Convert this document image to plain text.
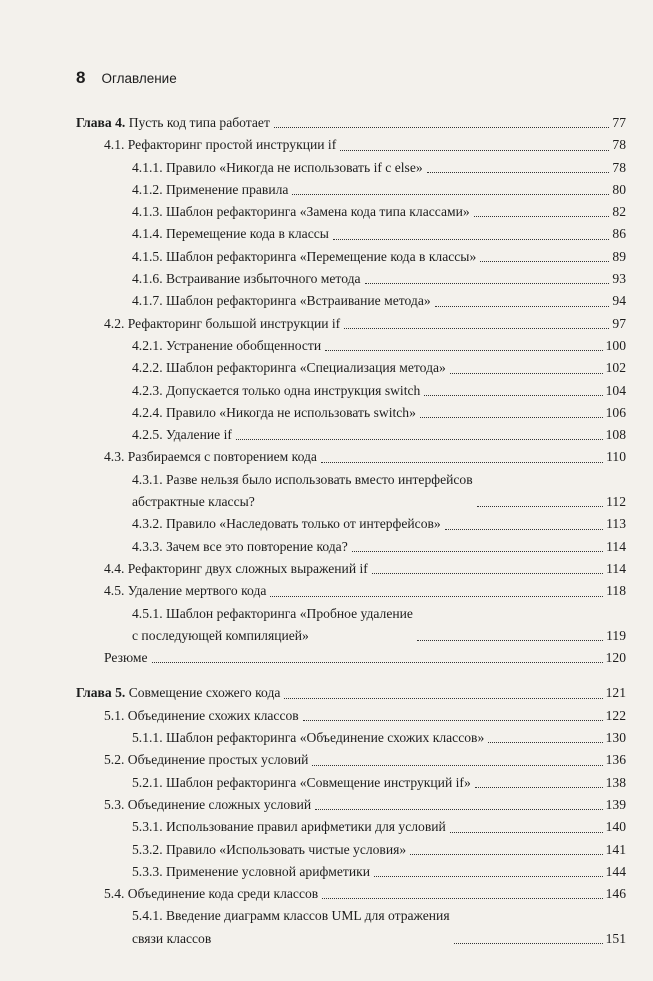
8 Оглавление
Глава 4. Пусть код типа работает	77
4.1. Рефакторинг простой инструкции if	78
4.1.1. Правило «Никогда не использовать if с else»	78
4.1.2. Применение правила	80
4.1.3. Шаблон рефакторинга «Замена кода типа классами»	82
4.1.4. Перемещение кода в классы	86
4.1.5. Шаблон рефакторинга «Перемещение кода в классы»	89
4.1.6. Встраивание избыточного метода	93
4.1.7. Шаблон рефакторинга «Встраивание метода»	94
4.2. Рефакторинг большой инструкции if	97
4.2.1. Устранение обобщенности	100
4.2.2. Шаблон рефакторинга «Специализация метода»	102
4.2.3. Допускается только одна инструкция switch	104
4.2.4. Правило «Никогда не использовать switch»	106
4.2.5. Удаление if	108
4.3. Разбираемся с повторением кода	110
4.3.1. Разве нельзя было использовать вместо интерфейсов
абстрактные классы?	112
4.3.2. Правило «Наследовать только от интерфейсов»	113
4.3.3. Зачем все это повторение кода?	114
4.4. Рефакторинг двух сложных выражений if	114
4.5. Удаление мертвого кода	118
4.5.1. Шаблон рефакторинга «Пробное удаление
с последующей компиляцией»	119
Резюме	120
Глава 5. Совмещение схожего кода	121
5.1. Объединение схожих классов	122
5.1.1. Шаблон рефакторинга «Объединение схожих классов»	130
5.2. Объединение простых условий	136
5.2.1. Шаблон рефакторинга «Совмещение инструкций if»	138
5.3. Объединение сложных условий	139
5.3.1. Использование правил арифметики для условий	140
5.3.2. Правило «Использовать чистые условия»	141
5.3.3. Применение условной арифметики	144
5.4. Объединение кода среди классов	146
5.4.1. Введение диаграмм классов UML для отражения
связи классов	151
